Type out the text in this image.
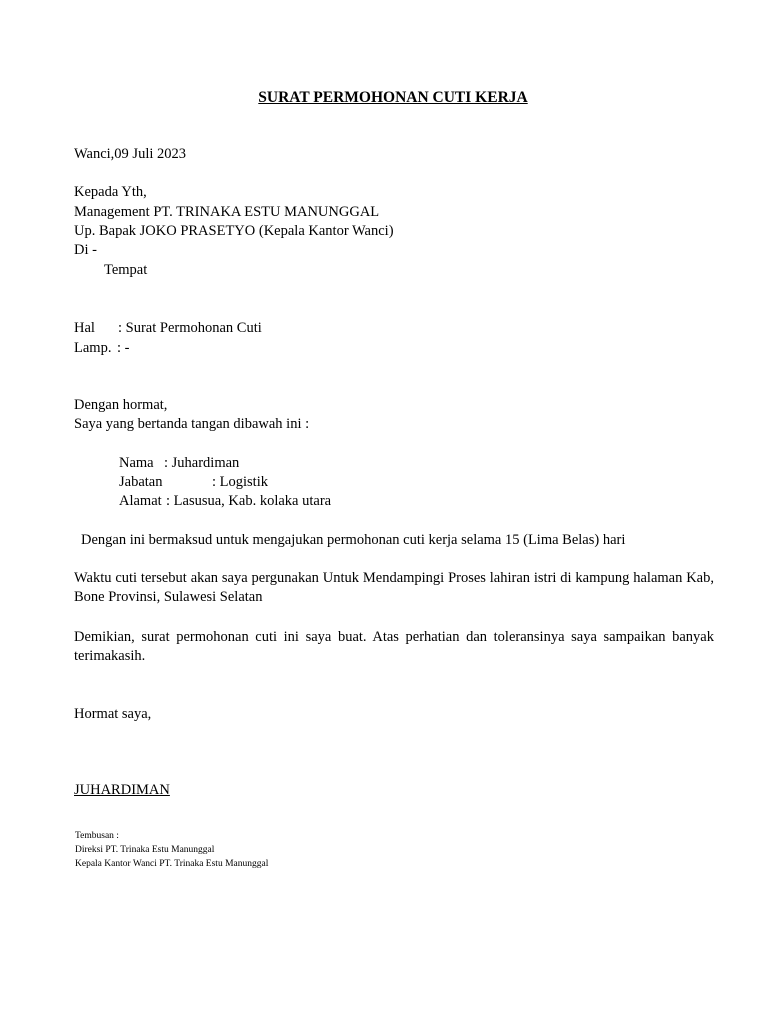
SURAT PERMOHONAN CUTI KERJA
Wanci,09 Juli 2023
Kepada Yth,
Management PT. TRINAKA ESTU MANUNGGAL
Up. Bapak JOKO PRASETYO (Kepala Kantor Wanci)
Di -
Tempat
Hal : Surat Permohonan Cuti
Lamp. : -
Dengan hormat,
Saya yang bertanda tangan dibawah ini :
Nama : Juhardiman
Jabatan	: Logistik
Alamat : Lasusua, Kab. kolaka utara
Dengan ini bermaksud untuk mengajukan permohonan cuti kerja selama 15 (Lima Belas) hari
Waktu cuti tersebut akan saya pergunakan Untuk Mendampingi Proses lahiran istri di kampung halaman Kab, Bone Provinsi, Sulawesi Selatan
Demikian, surat permohonan cuti ini saya buat. Atas perhatian dan toleransinya saya sampaikan banyak terimakasih.
Hormat saya,
JUHARDIMAN
Tembusan :
Direksi PT. Trinaka Estu Manunggal
Kepala Kantor Wanci PT. Trinaka Estu Manunggal
